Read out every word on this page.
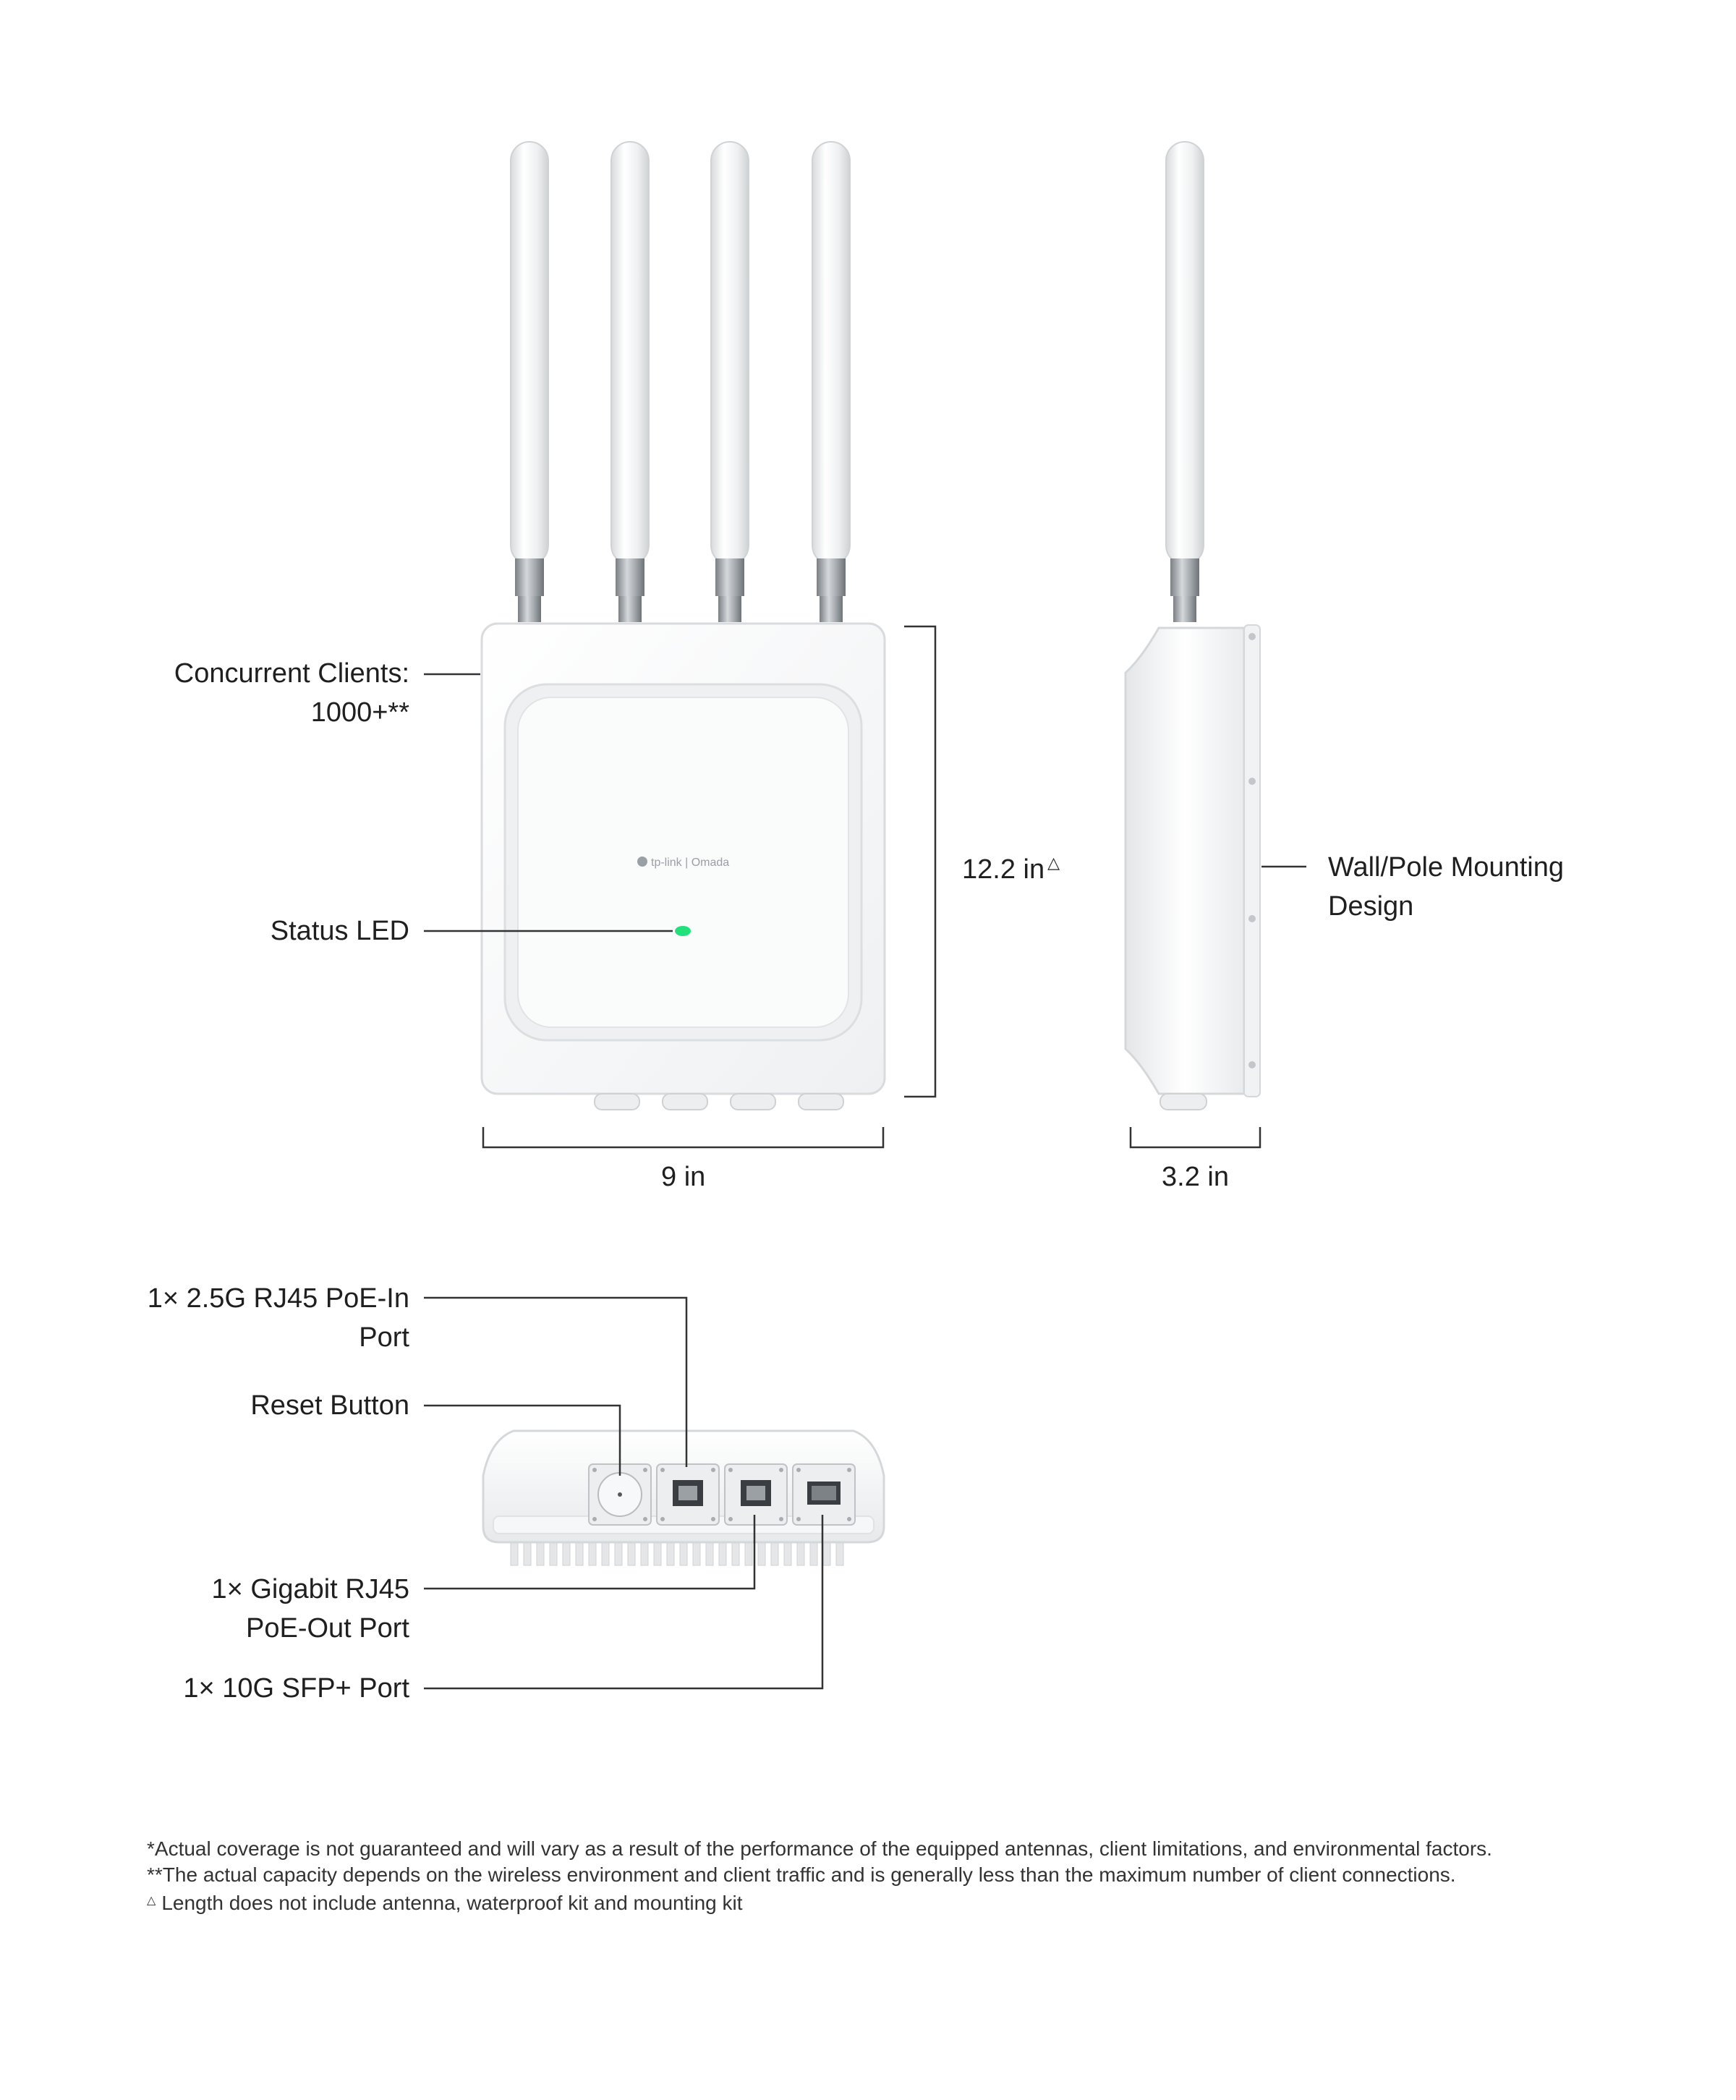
tp-link | Omada
Concurrent Clients:
1000+**
Status LED
12.2 in △
9 in	3.2 in
Wall/Pole Mounting
Design
1× 2.5G RJ45 PoE-In
Port
Reset Button
1× Gigabit RJ45
PoE-Out Port
1× 10G SFP+ Port
*Actual coverage is not guaranteed and will vary as a result of the performance of the equipped antennas, client limitations, and environmental factors.
**The actual capacity depends on the wireless environment and client traffic and is generally less than the maximum number of client connections.
△ Length does not include antenna, waterproof kit and mounting kit
